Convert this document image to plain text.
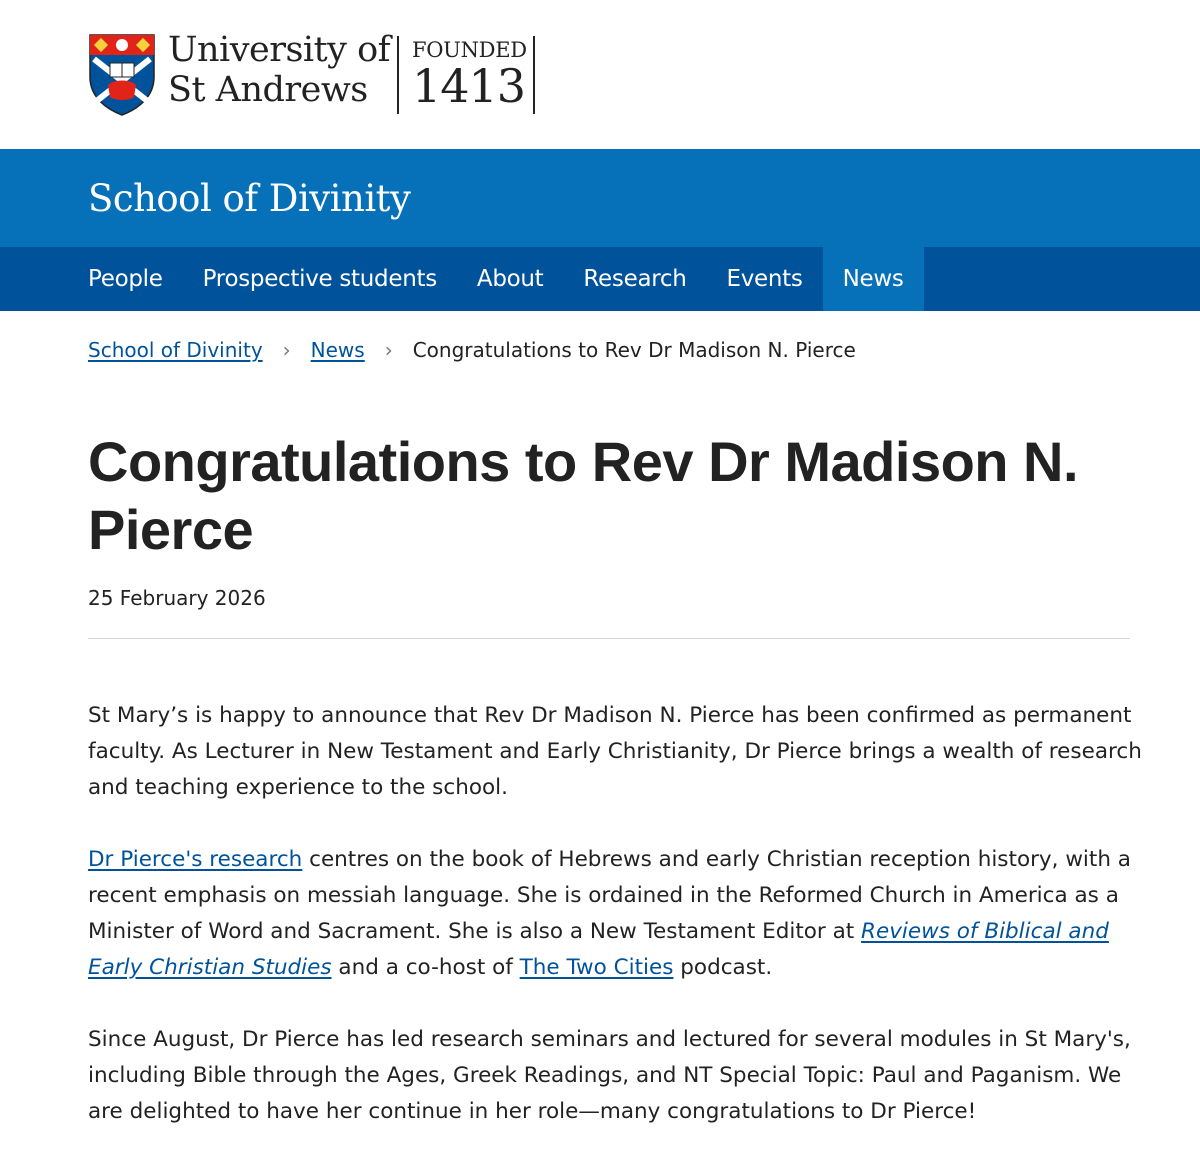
University of
St Andrews
FOUNDED
1413
School of Divinity
People	Prospective students	About	Research	Events	News
School of Divinity › News › Congratulations to Rev Dr Madison N. Pierce
Congratulations to Rev Dr Madison N. Pierce
25 February 2026

St Mary’s is happy to announce that Rev Dr Madison N. Pierce has been confirmed as permanent faculty. As Lecturer in New Testament and Early Christianity, Dr Pierce brings a wealth of research and teaching experience to the school.

Dr Pierce's research centres on the book of Hebrews and early Christian reception history, with a recent emphasis on messiah language. She is ordained in the Reformed Church in America as a Minister of Word and Sacrament. She is also a New Testament Editor at Reviews of Biblical and Early Christian Studies and a co-host of The Two Cities podcast.

Since August, Dr Pierce has led research seminars and lectured for several modules in St Mary's, including Bible through the Ages, Greek Readings, and NT Special Topic: Paul and Paganism. We are delighted to have her continue in her role—many congratulations to Dr Pierce!
